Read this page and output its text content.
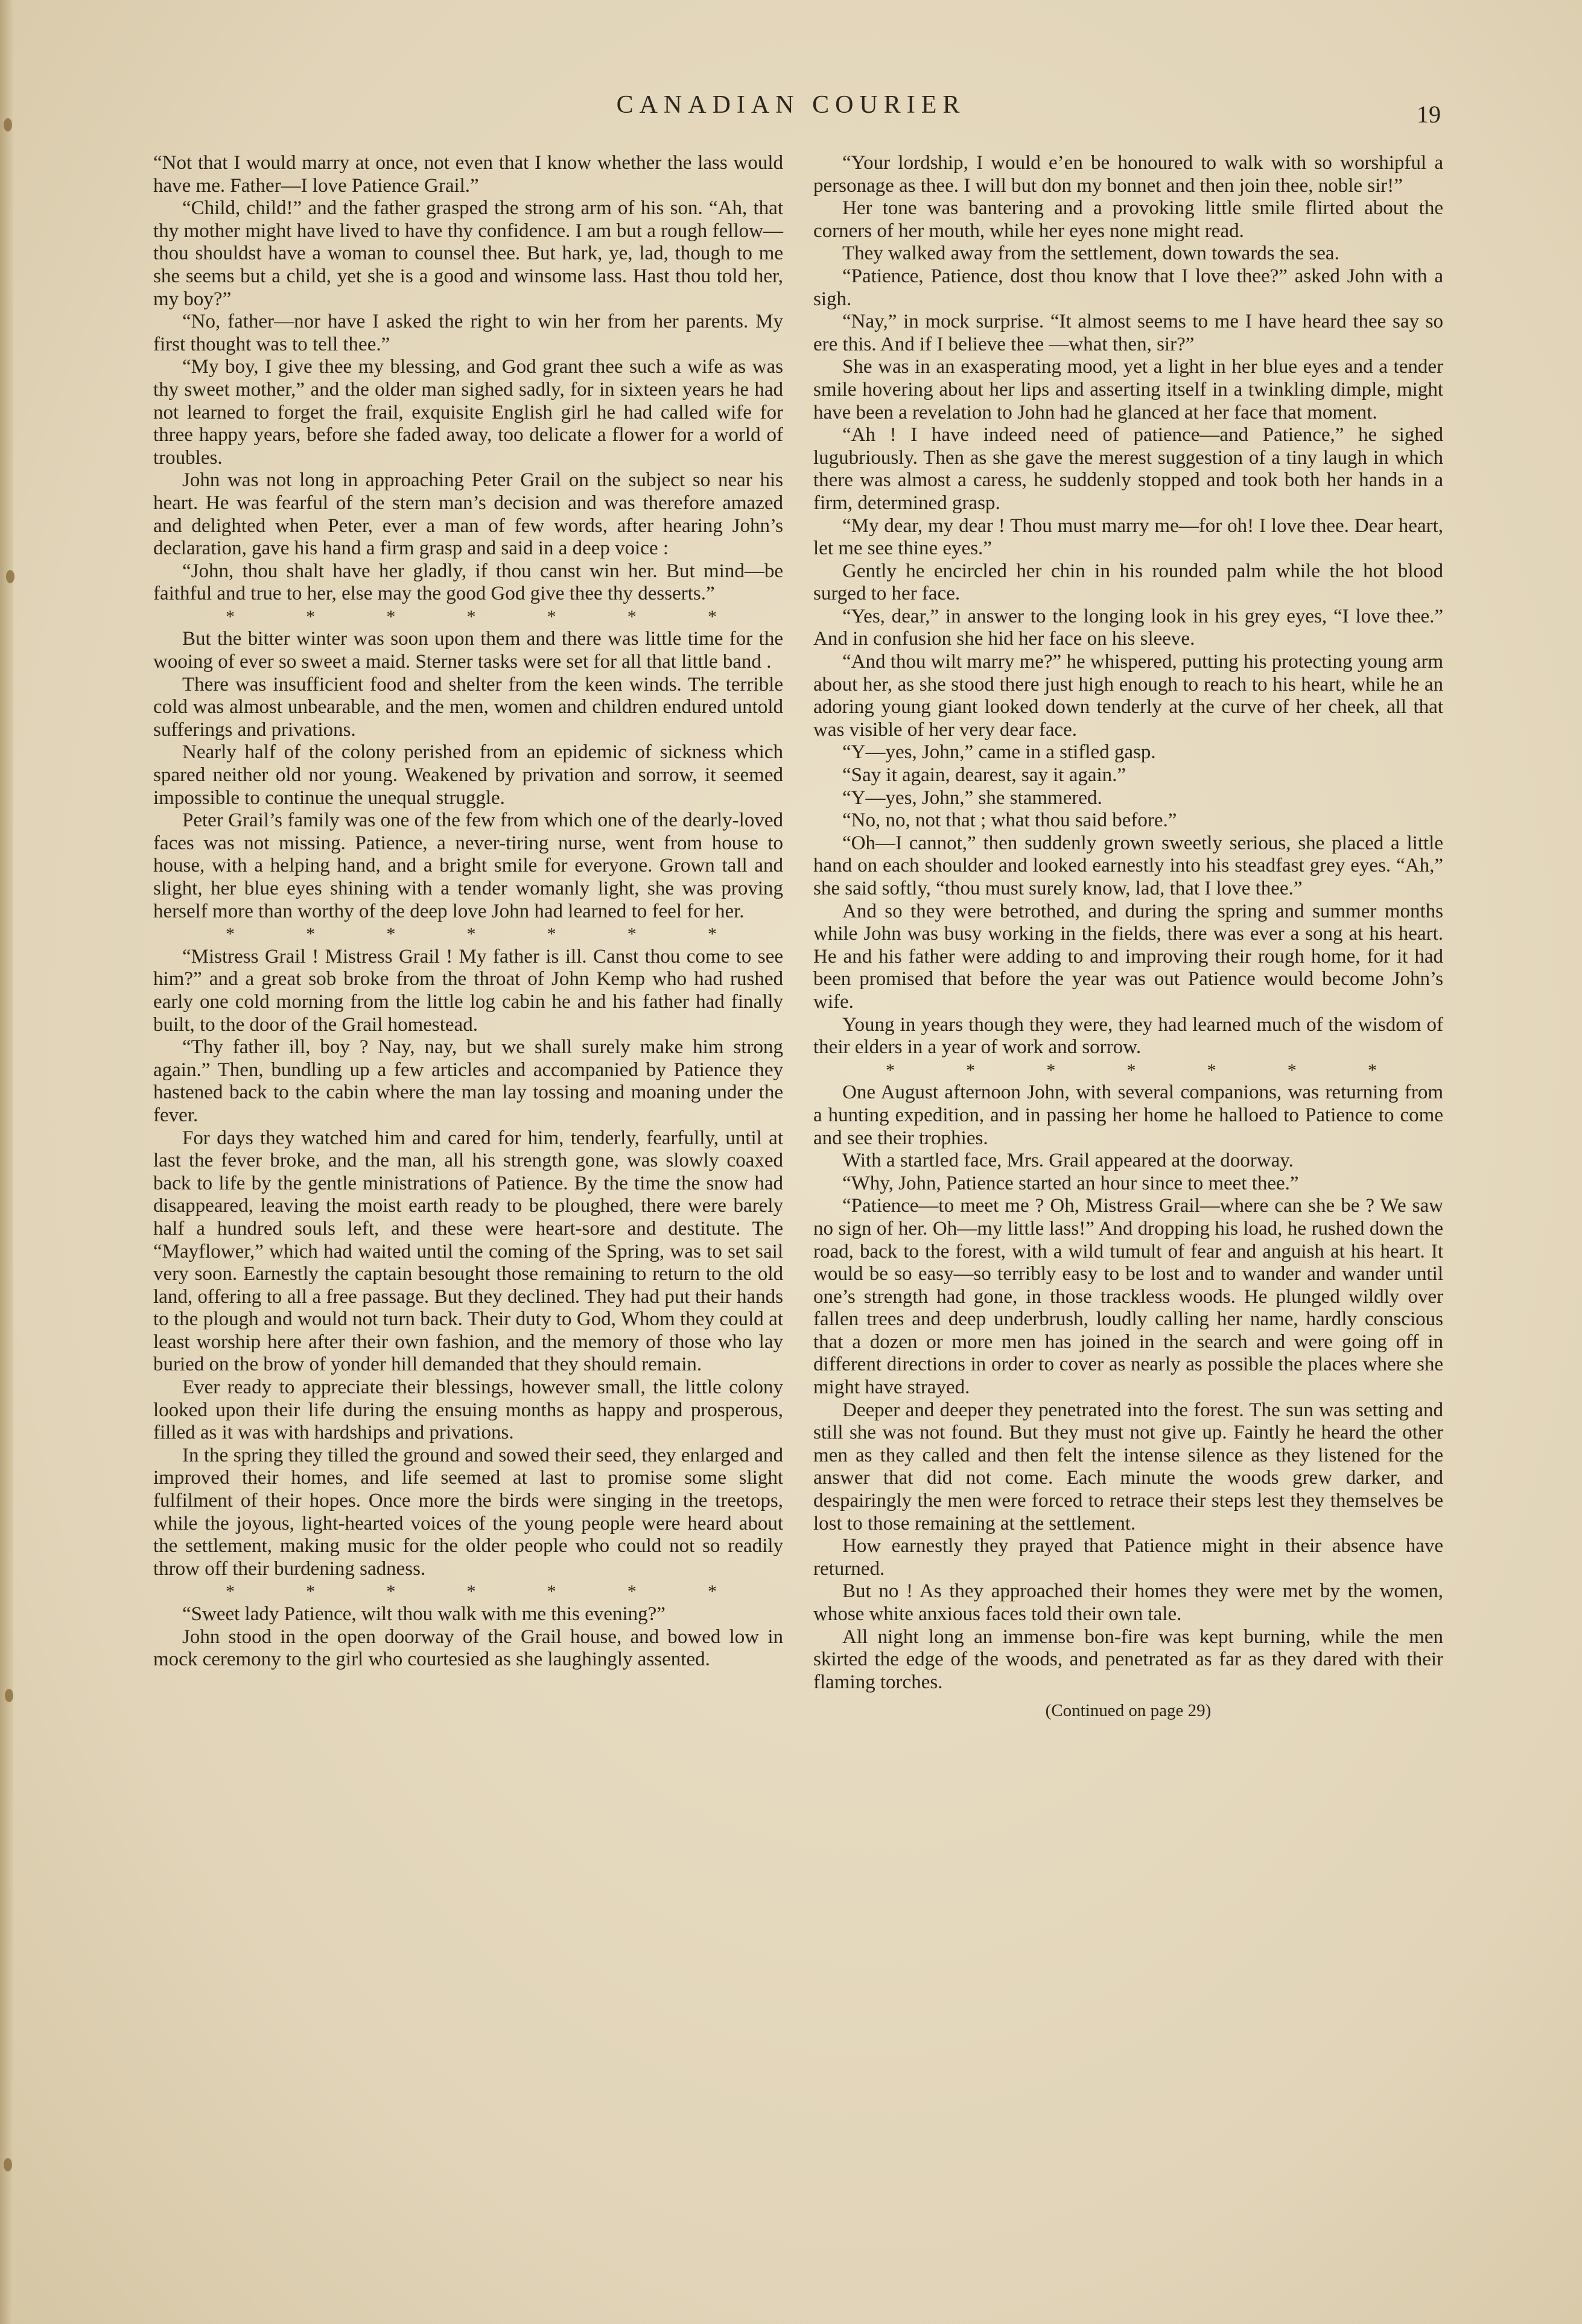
CANADIAN COURIER	19

“Not that I would marry at once, not even that I know whether the lass would have me. Father—I love Patience Grail.”

“Child, child!” and the father grasped the strong arm of his son. “Ah, that thy mother might have lived to have thy confidence. I am but a rough fellow—thou shouldst have a woman to counsel thee. But hark, ye, lad, though to me she seems but a child, yet she is a good and winsome lass. Hast thou told her, my boy?”

“No, father—nor have I asked the right to win her from her parents. My first thought was to tell thee.”

“My boy, I give thee my blessing, and God grant thee such a wife as was thy sweet mother,” and the older man sighed sadly, for in sixteen years he had not learned to forget the frail, exquisite English girl he had called wife for three happy years, before she faded away, too delicate a flower for a world of troubles.

John was not long in approaching Peter Grail on the subject so near his heart. He was fearful of the stern man’s decision and was therefore amazed and delighted when Peter, ever a man of few words, after hearing John’s declaration, gave his hand a firm grasp and said in a deep voice :

“John, thou shalt have her gladly, if thou canst win her. But mind—be faithful and true to her, else may the good God give thee thy desserts.”

*	*	*	*	*	*	*

But the bitter winter was soon upon them and there was little time for the wooing of ever so sweet a maid. Sterner tasks were set for all that little band .

There was insufficient food and shelter from the keen winds. The terrible cold was almost unbearable, and the men, women and children endured untold sufferings and privations.

Nearly half of the colony perished from an epidemic of sickness which spared neither old nor young. Weakened by privation and sorrow, it seemed impossible to continue the unequal struggle.

Peter Grail’s family was one of the few from which one of the dearly-loved faces was not missing. Patience, a never-tiring nurse, went from house to house, with a helping hand, and a bright smile for everyone. Grown tall and slight, her blue eyes shining with a tender womanly light, she was proving herself more than worthy of the deep love John had learned to feel for her.

*	*	*	*	*	*	*

“Mistress Grail ! Mistress Grail ! My father is ill. Canst thou come to see him?” and a great sob broke from the throat of John Kemp who had rushed early one cold morning from the little log cabin he and his father had finally built, to the door of the Grail homestead.

“Thy father ill, boy ? Nay, nay, but we shall surely make him strong again.” Then, bundling up a few articles and accompanied by Patience they hastened back to the cabin where the man lay tossing and moaning under the fever.

For days they watched him and cared for him, tenderly, fearfully, until at last the fever broke, and the man, all his strength gone, was slowly coaxed back to life by the gentle ministrations of Patience. By the time the snow had disappeared, leaving the moist earth ready to be ploughed, there were barely half a hundred souls left, and these were heart-sore and destitute. The “Mayflower,” which had waited until the coming of the Spring, was to set sail very soon. Earnestly the captain besought those remaining to return to the old land, offering to all a free passage. But they declined. They had put their hands to the plough and would not turn back. Their duty to God, Whom they could at least worship here after their own fashion, and the memory of those who lay buried on the brow of yonder hill demanded that they should remain.

Ever ready to appreciate their blessings, however small, the little colony looked upon their life during the ensuing months as happy and prosperous, filled as it was with hardships and privations.

In the spring they tilled the ground and sowed their seed, they enlarged and improved their homes, and life seemed at last to promise some slight fulfilment of their hopes. Once more the birds were singing in the treetops, while the joyous, light-hearted voices of the young people were heard about the settlement, making music for the older people who could not so readily throw off their burdening sadness.

*	*	*	*	*	*	*

“Sweet lady Patience, wilt thou walk with me this evening?”

John stood in the open doorway of the Grail house, and bowed low in mock ceremony to the girl who courtesied as she laughingly assented.

“Your lordship, I would e’en be honoured to walk with so worshipful a personage as thee. I will but don my bonnet and then join thee, noble sir!”

Her tone was bantering and a provoking little smile flirted about the corners of her mouth, while her eyes none might read.

They walked away from the settlement, down towards the sea.

“Patience, Patience, dost thou know that I love thee?” asked John with a sigh.

“Nay,” in mock surprise. “It almost seems to me I have heard thee say so ere this. And if I believe thee —what then, sir?”

She was in an exasperating mood, yet a light in her blue eyes and a tender smile hovering about her lips and asserting itself in a twinkling dimple, might have been a revelation to John had he glanced at her face that moment.

“Ah ! I have indeed need of patience—and Patience,” he sighed lugubriously. Then as she gave the merest suggestion of a tiny laugh in which there was almost a caress, he suddenly stopped and took both her hands in a firm, determined grasp.

“My dear, my dear ! Thou must marry me—for oh! I love thee. Dear heart, let me see thine eyes.”

Gently he encircled her chin in his rounded palm while the hot blood surged to her face.

“Yes, dear,” in answer to the longing look in his grey eyes, “I love thee.” And in confusion she hid her face on his sleeve.

“And thou wilt marry me?” he whispered, putting his protecting young arm about her, as she stood there just high enough to reach to his heart, while he an adoring young giant looked down tenderly at the curve of her cheek, all that was visible of her very dear face.

“Y—yes, John,” came in a stifled gasp.

“Say it again, dearest, say it again.”

“Y—yes, John,” she stammered.

“No, no, not that ; what thou said before.”

“Oh—I cannot,” then suddenly grown sweetly serious, she placed a little hand on each shoulder and looked earnestly into his steadfast grey eyes. “Ah,” she said softly, “thou must surely know, lad, that I love thee.”

And so they were betrothed, and during the spring and summer months while John was busy working in the fields, there was ever a song at his heart. He and his father were adding to and improving their rough home, for it had been promised that before the year was out Patience would become John’s wife.

Young in years though they were, they had learned much of the wisdom of their elders in a year of work and sorrow.

*	*	*	*	*	*	*

One August afternoon John, with several companions, was returning from a hunting expedition, and in passing her home he halloed to Patience to come and see their trophies.

With a startled face, Mrs. Grail appeared at the doorway.

“Why, John, Patience started an hour since to meet thee.”

“Patience—to meet me ? Oh, Mistress Grail—where can she be ? We saw no sign of her. Oh—my little lass!” And dropping his load, he rushed down the road, back to the forest, with a wild tumult of fear and anguish at his heart. It would be so easy—so terribly easy to be lost and to wander and wander until one’s strength had gone, in those trackless woods. He plunged wildly over fallen trees and deep underbrush, loudly calling her name, hardly conscious that a dozen or more men has joined in the search and were going off in different directions in order to cover as nearly as possible the places where she might have strayed.

Deeper and deeper they penetrated into the forest. The sun was setting and still she was not found. But they must not give up. Faintly he heard the other men as they called and then felt the intense silence as they listened for the answer that did not come. Each minute the woods grew darker, and despairingly the men were forced to retrace their steps lest they themselves be lost to those remaining at the settlement.

How earnestly they prayed that Patience might in their absence have returned.

But no ! As they approached their homes they were met by the women, whose white anxious faces told their own tale.

All night long an immense bon-fire was kept burning, while the men skirted the edge of the woods, and penetrated as far as they dared with their flaming torches.

(Continued on page 29)
